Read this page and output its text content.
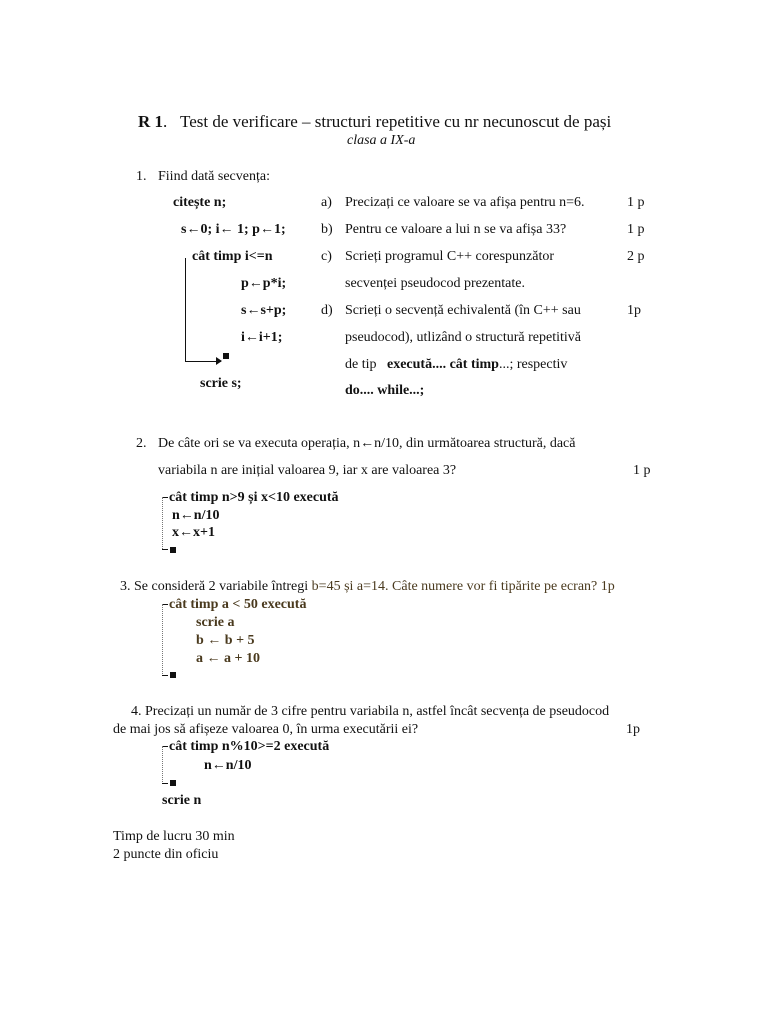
R 1.   Test de verificare – structuri repetitive cu nr necunoscut de pași
clasa a IX-a
1. Fiind dată secvența:
citește n;
s←0; i← 1; p←1;
cât timp i<=n
p←p*i;
s←s+p;
i←i+1;
scrie s;
a) Precizați ce valoare se va afișa pentru n=6.	1 p
b) Pentru ce valoare a lui n se va afișa 33?	1 p
c) Scrieți programul C++ corespunzător	2 p
secvenței pseudocod prezentate.
d) Scrieți o secvență echivalentă (în C++ sau	1p
pseudocod), utlizând o structură repetitivă
de tip execută.... cât timp...; respectiv
do.... while...;
2. De câte ori se va executa operația, n←n/10, din următoarea structură, dacă
variabila n are inițial valoarea 9, iar x are valoarea 3?	1 p
cât timp n>9 și x<10 execută
n←n/10
x←x+1
3. Se consideră 2 variabile întregi b=45 și a=14. Câte numere vor fi tipărite pe ecran? 1p
cât timp a < 50 execută
scrie a
b ← b + 5
a ← a + 10
4. Precizați un număr de 3 cifre pentru variabila n, astfel încât secvența de pseudocod
de mai jos să afișeze valoarea 0, în urma executării ei?	1p
cât timp n%10>=2 execută
n←n/10
scrie n
Timp de lucru 30 min
2 puncte din oficiu
